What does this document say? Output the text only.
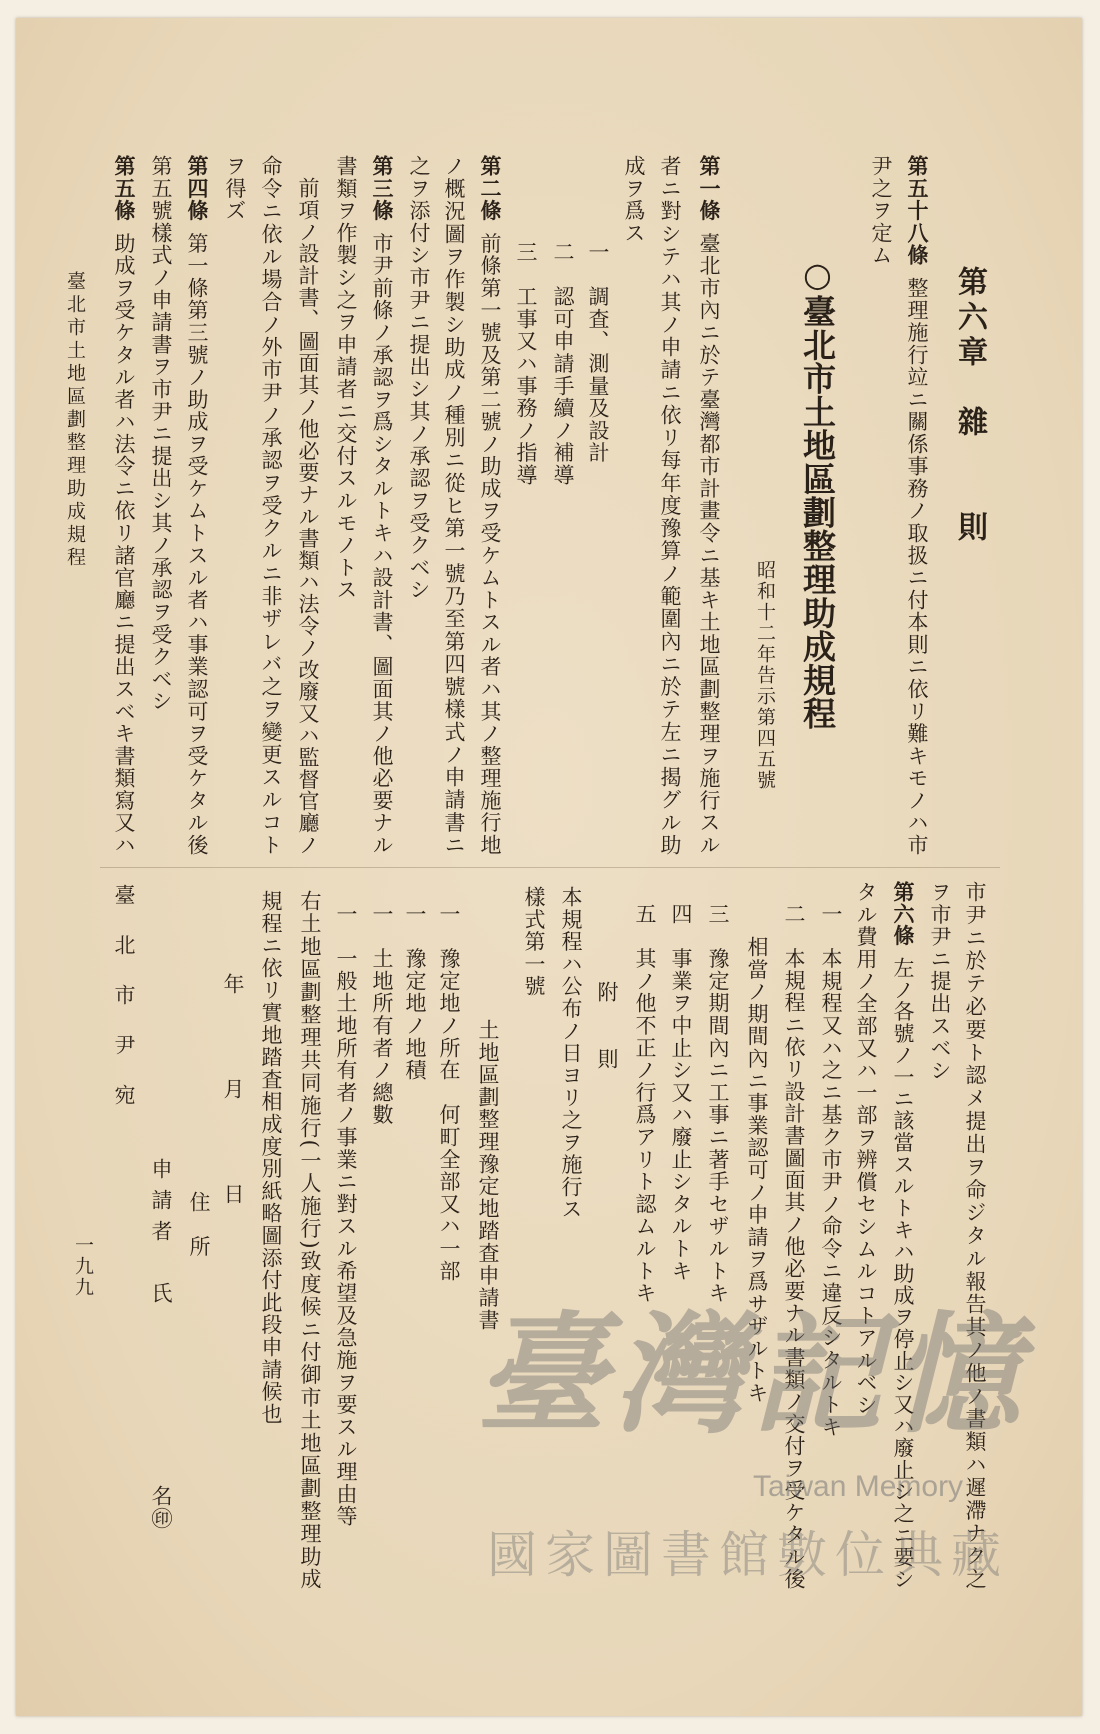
第六章　雜　　則
第五十八條整理施行竝ニ關係事務ノ取扱ニ付本則ニ依リ難キモノハ市
尹之ヲ定ム
○臺北市土地區劃整理助成規程
昭和十二年告示第四五號
第一條臺北市內ニ於テ臺灣都市計畫令ニ基キ土地區劃整理ヲ施行スル
者ニ對シテハ其ノ申請ニ依リ每年度豫算ノ範圍內ニ於テ左ニ揭グル助
成ヲ爲ス
一　調査、測量及設計
二　認可申請手續ノ補導
三　工事又ハ事務ノ指導
第二條前條第一號及第二號ノ助成ヲ受ケムトスル者ハ其ノ整理施行地
ノ概況圖ヲ作製シ助成ノ種別ニ從ヒ第一號乃至第四號樣式ノ申請書ニ
之ヲ添付シ市尹ニ提出シ其ノ承認ヲ受クベシ
第三條市尹前條ノ承認ヲ爲シタルトキハ設計書、圖面其ノ他必要ナル
書類ヲ作製シ之ヲ申請者ニ交付スルモノトス
前項ノ設計書、圖面其ノ他必要ナル書類ハ法令ノ改廢又ハ監督官廳ノ
命令ニ依ル場合ノ外市尹ノ承認ヲ受クルニ非ザレバ之ヲ變更スルコト
ヲ得ズ
第四條第一條第三號ノ助成ヲ受ケムトスル者ハ事業認可ヲ受ケタル後
第五號樣式ノ申請書ヲ市尹ニ提出シ其ノ承認ヲ受クベシ
第五條助成ヲ受ケタル者ハ法令ニ依リ諸官廳ニ提出スベキ書類寫又ハ
臺北市土地區劃整理助成規程
市尹ニ於テ必要ト認メ提出ヲ命ジタル報告其ノ他ノ書類ハ遲滯ナク之
ヲ市尹ニ提出スベシ
第六條左ノ各號ノ一ニ該當スルトキハ助成ヲ停止シ又ハ廢止シ之ニ要シ
タル費用ノ全部又ハ一部ヲ辨償セシムルコトアルベシ
一　本規程又ハ之ニ基ク市尹ノ命令ニ違反シタルトキ
二　本規程ニ依リ設計書圖面其ノ他必要ナル書類ノ交付ヲ受ケタル後
相當ノ期間內ニ事業認可ノ申請ヲ爲サザルトキ
三　豫定期間內ニ工事ニ著手セザルトキ
四　事業ヲ中止シ又ハ廢止シタルトキ
五　其ノ他不正ノ行爲アリト認ムルトキ
附　　則
本規程ハ公布ノ日ヨリ之ヲ施行ス
樣式第一號
土地區劃整理豫定地踏査申請書
一　豫定地ノ所在　何町全部又ハ一部
一　豫定地ノ地積
一　土地所有者ノ總數
一　一般土地所有者ノ事業ニ對スル希望及急施ヲ要スル理由等
右土地區劃整理共同施行(一人施行)致度候ニ付御市土地區劃整理助成
規程ニ依リ實地踏査相成度別紙略圖添付此段申請候也
年　　月　　日
住　所
申請者　氏
名㊞
臺　北　市　尹　宛
一九九
臺灣記憶
Taiwan Memory
國家圖書館數位典藏
